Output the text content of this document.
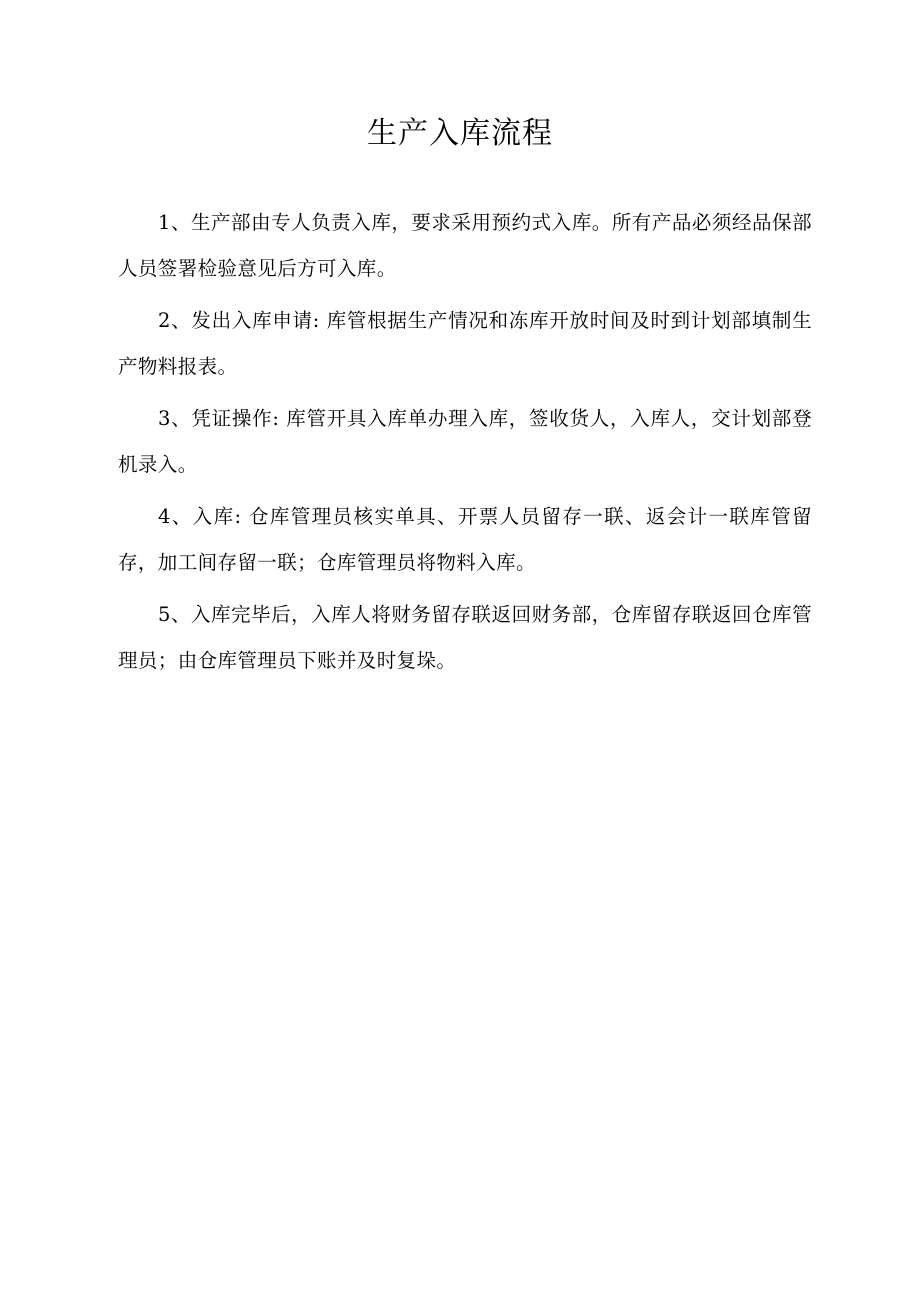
生产入库流程

1、生产部由专人负责入库，要求采用预约式入库。所有产品必须经品保部人员签署检验意见后方可入库。

2、发出入库申请: 库管根据生产情况和冻库开放时间及时到计划部填制生产物料报表。

3、凭证操作: 库管开具入库单办理入库，签收货人，入库人，交计划部登机录入。

4、入库: 仓库管理员核实单具、开票人员留存一联、返会计一联库管留存，加工间存留一联；仓库管理员将物料入库。

5、入库完毕后，入库人将财务留存联返回财务部，仓库留存联返回仓库管理员；由仓库管理员下账并及时复垛。
